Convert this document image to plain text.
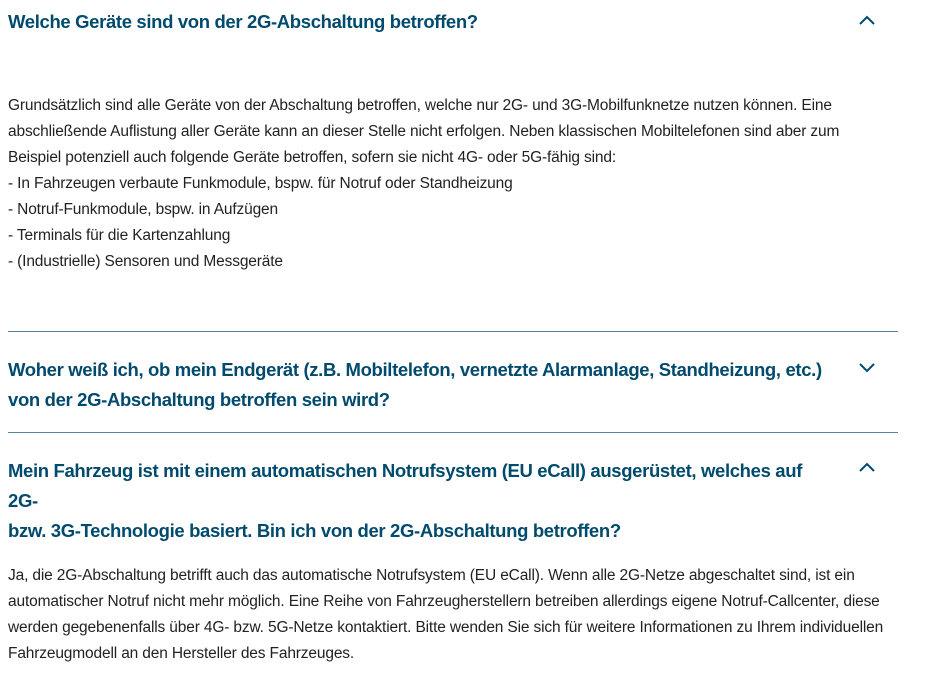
Welche Geräte sind von der 2G-Abschaltung betroffen?

Grundsätzlich sind alle Geräte von der Abschaltung betroffen, welche nur 2G- und 3G-Mobilfunknetze nutzen können. Eine abschließende Auflistung aller Geräte kann an dieser Stelle nicht erfolgen. Neben klassischen Mobiltelefonen sind aber zum Beispiel potenziell auch folgende Geräte betroffen, sofern sie nicht 4G- oder 5G-fähig sind:

- In Fahrzeugen verbaute Funkmodule, bspw. für Notruf oder Standheizung
- Notruf-Funkmodule, bspw. in Aufzügen
- Terminals für die Kartenzahlung
- (Industrielle) Sensoren und Messgeräte
Woher weiß ich, ob mein Endgerät (z.B. Mobiltelefon, vernetzte Alarmanlage, Standheizung, etc.)
von der 2G-Abschaltung betroffen sein wird?
Mein Fahrzeug ist mit einem automatischen Notrufsystem (EU eCall) ausgerüstet, welches auf 2G-
bzw. 3G-Technologie basiert. Bin ich von der 2G-Abschaltung betroffen?

Ja, die 2G-Abschaltung betrifft auch das automatische Notrufsystem (EU eCall). Wenn alle 2G-Netze abgeschaltet sind, ist ein automatischer Notruf nicht mehr möglich. Eine Reihe von Fahrzeugherstellern betreiben allerdings eigene Notruf-Callcenter, diese werden gegebenenfalls über 4G- bzw. 5G-Netze kontaktiert. Bitte wenden Sie sich für weitere Informationen zu Ihrem individuellen Fahrzeugmodell an den Hersteller des Fahrzeuges.
